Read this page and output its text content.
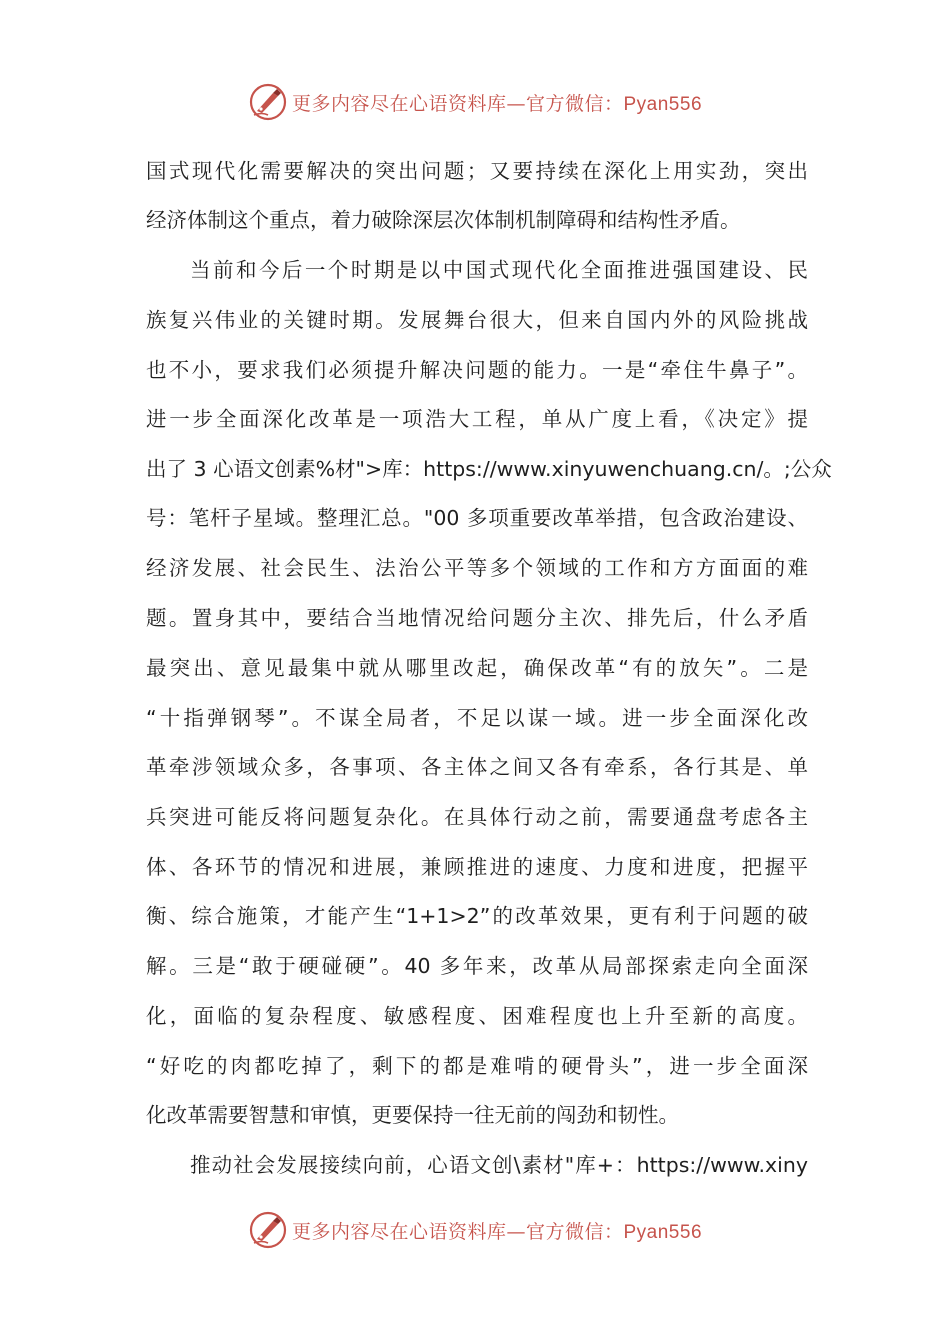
更多内容尽在心语资料库—官方微信：Pyan556
国式现代化需要解决的突出问题；又要持续在深化上用实劲，突出
经济体制这个重点，着力破除深层次体制机制障碍和结构性矛盾。
当前和今后一个时期是以中国式现代化全面推进强国建设、民
族复兴伟业的关键时期。发展舞台很大，但来自国内外的风险挑战
也不小，要求我们必须提升解决问题的能力。一是“牵住牛鼻子”。
进一步全面深化改革是一项浩大工程，单从广度上看，《决定》提
出了 3 心语文创素%材">库：https://www.xinyuwenchuang.cn/。;公众
号：笔杆子星域。整理汇总。"00 多项重要改革举措，包含政治建设、
经济发展、社会民生、法治公平等多个领域的工作和方方面面的难
题。置身其中，要结合当地情况给问题分主次、排先后，什么矛盾
最突出、意见最集中就从哪里改起，确保改革“有的放矢”。二是
“十指弹钢琴”。不谋全局者，不足以谋一域。进一步全面深化改
革牵涉领域众多，各事项、各主体之间又各有牵系，各行其是、单
兵突进可能反将问题复杂化。在具体行动之前，需要通盘考虑各主
体、各环节的情况和进展，兼顾推进的速度、力度和进度，把握平
衡、综合施策，才能产生“1+1>2”的改革效果，更有利于问题的破
解。三是“敢于硬碰硬”。40 多年来，改革从局部探索走向全面深
化，面临的复杂程度、敏感程度、困难程度也上升至新的高度。
“好吃的肉都吃掉了，剩下的都是难啃的硬骨头”，进一步全面深
化改革需要智慧和审慎，更要保持一往无前的闯劲和韧性。
推动社会发展接续向前，心语文创\素材"库+：https://www.xiny
更多内容尽在心语资料库—官方微信：Pyan556
